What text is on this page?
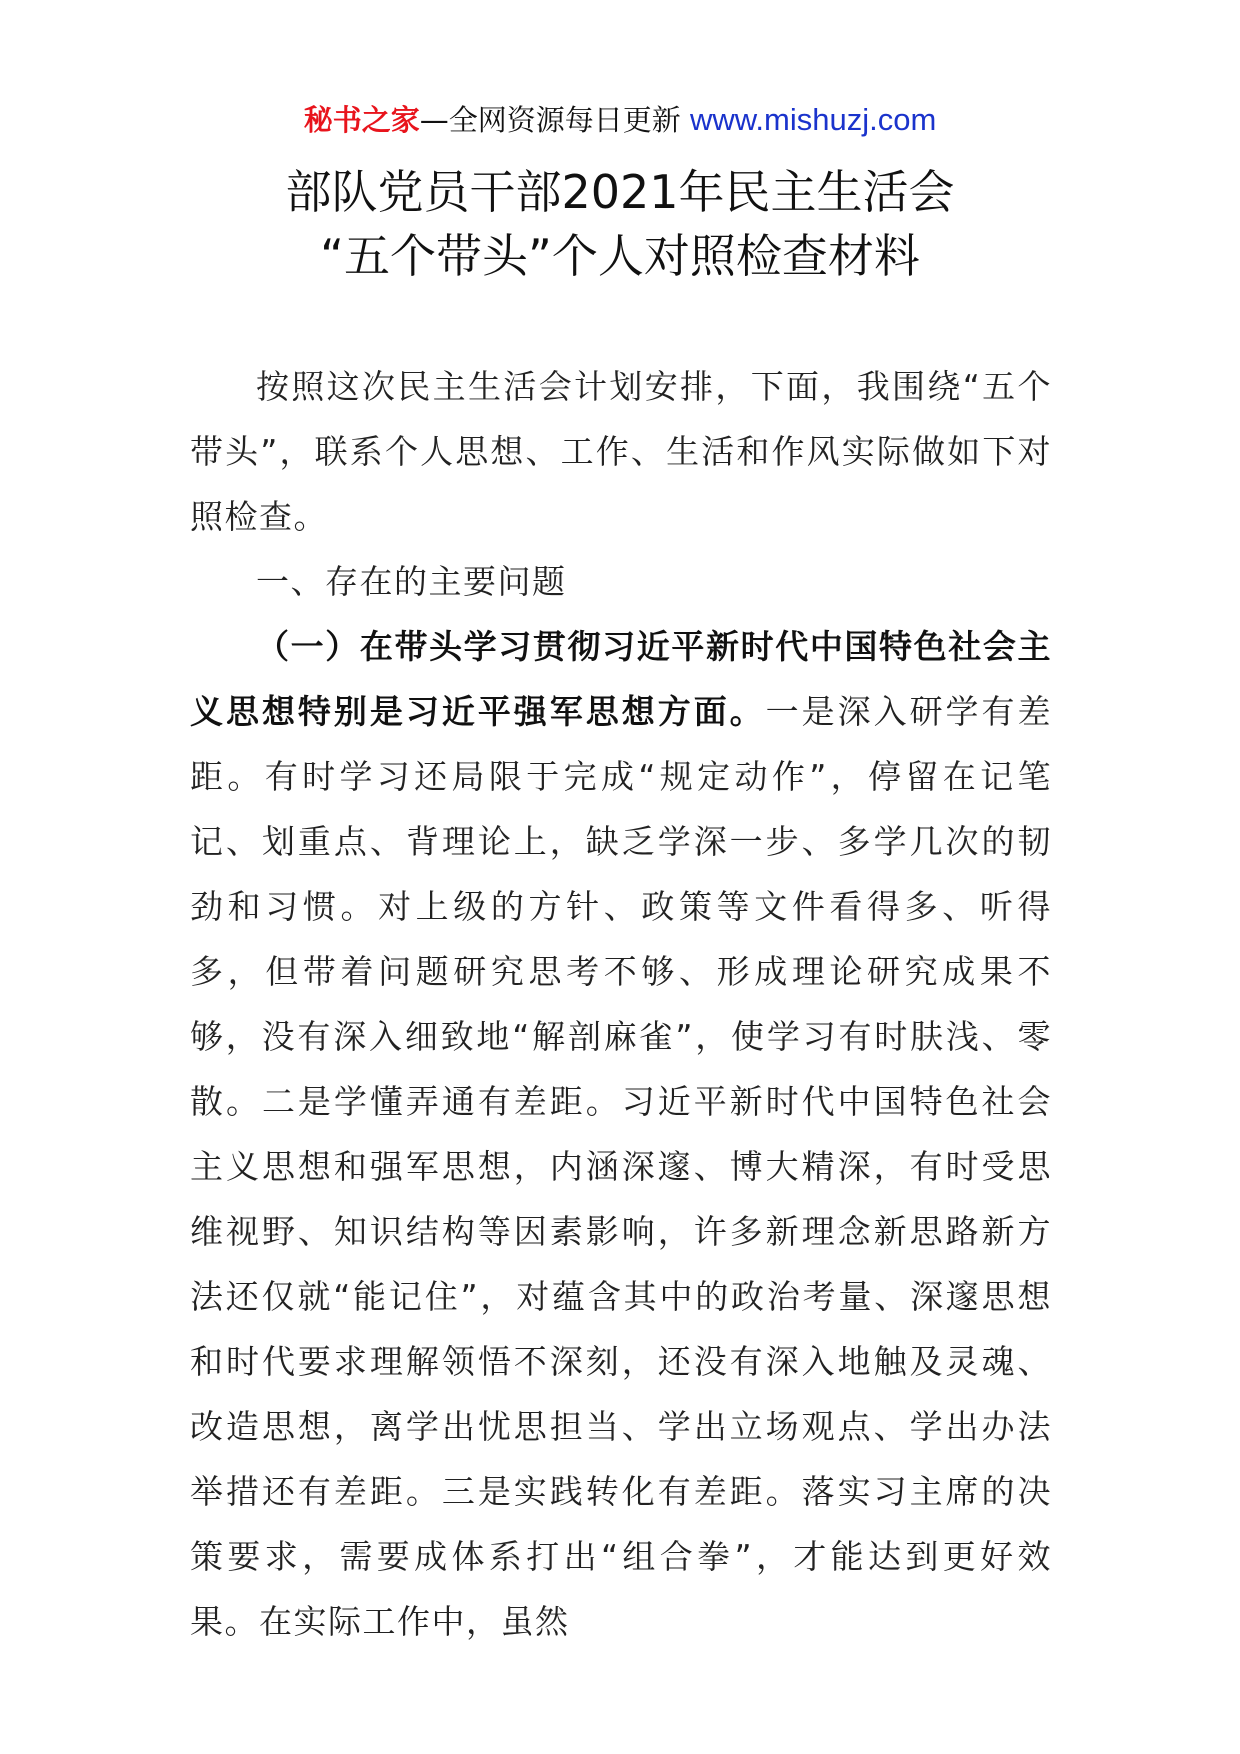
秘书之家—全网资源每日更新 www.mishuzj.com
部队党员干部2021年民主生活会
“五个带头”个人对照检查材料

按照这次民主生活会计划安排，下面，我围绕“五个带头”，联系个人思想、工作、生活和作风实际做如下对照检查。

一、存在的主要问题

（一）在带头学习贯彻习近平新时代中国特色社会主义思想特别是习近平强军思想方面。一是深入研学有差距。有时学习还局限于完成“规定动作”，停留在记笔记、划重点、背理论上，缺乏学深一步、多学几次的韧劲和习惯。对上级的方针、政策等文件看得多、听得多，但带着问题研究思考不够、形成理论研究成果不够，没有深入细致地“解剖麻雀”，使学习有时肤浅、零散。二是学懂弄通有差距。习近平新时代中国特色社会主义思想和强军思想，内涵深邃、博大精深，有时受思维视野、知识结构等因素影响，许多新理念新思路新方法还仅就“能记住”，对蕴含其中的政治考量、深邃思想和时代要求理解领悟不深刻，还没有深入地触及灵魂、改造思想，离学出忧思担当、学出立场观点、学出办法举措还有差距。三是实践转化有差距。落实习主席的决策要求，需要成体系打出“组合拳”，才能达到更好效果。在实际工作中，虽然
